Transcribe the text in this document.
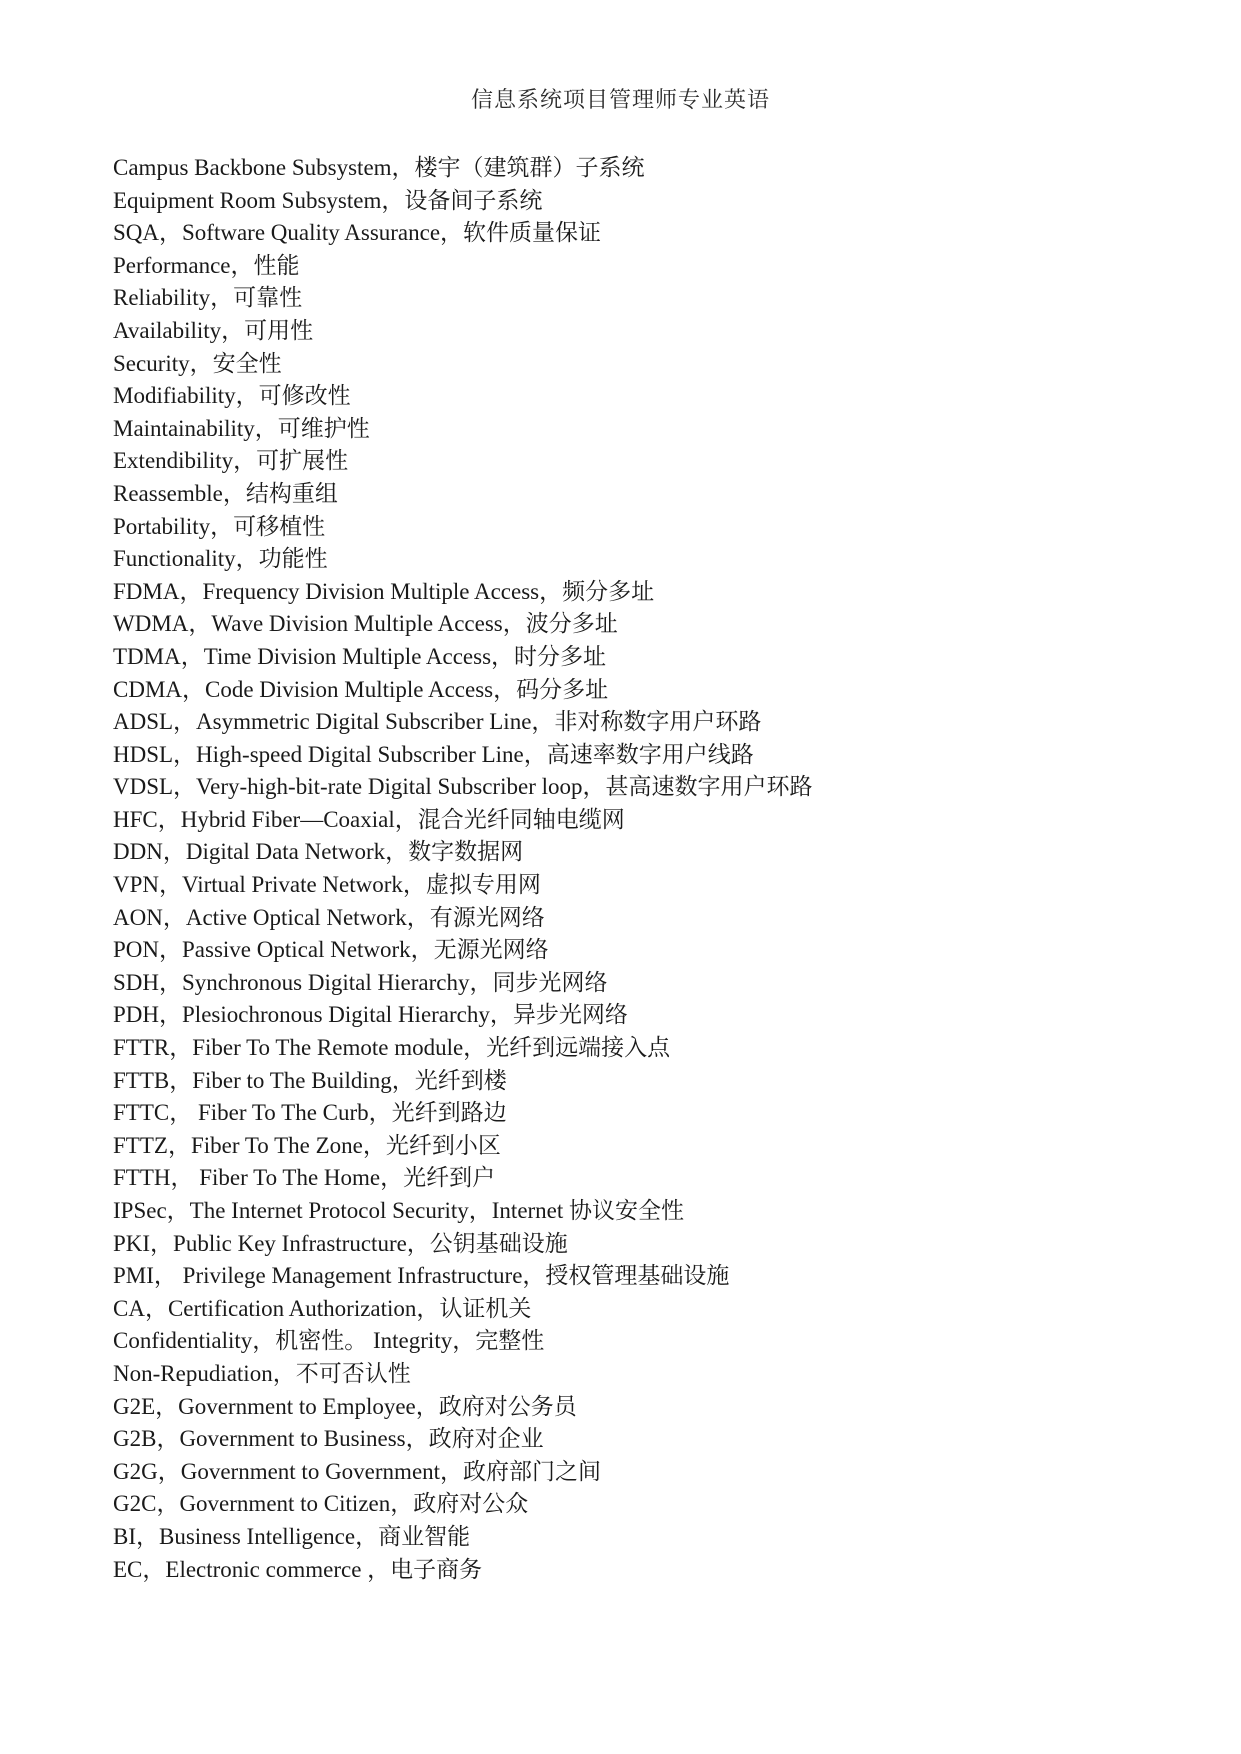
信息系统项目管理师专业英语
Campus Backbone Subsystem，楼宇（建筑群）子系统
Equipment Room Subsystem，设备间子系统
SQA，Software Quality Assurance，软件质量保证
Performance，性能
Reliability，可靠性
Availability，可用性
Security，安全性
Modifiability，可修改性
Maintainability，可维护性
Extendibility，可扩展性
Reassemble，结构重组
Portability，可移植性
Functionality，功能性
FDMA，Frequency Division Multiple Access，频分多址
WDMA，Wave Division Multiple Access，波分多址
TDMA，Time Division Multiple Access，时分多址
CDMA，Code Division Multiple Access，码分多址
ADSL，Asymmetric Digital Subscriber Line，非对称数字用户环路
HDSL，High-speed Digital Subscriber Line，高速率数字用户线路
VDSL，Very-high-bit-rate Digital Subscriber loop，甚高速数字用户环路
HFC，Hybrid Fiber—Coaxial，混合光纤同轴电缆网
DDN，Digital Data Network，数字数据网
VPN，Virtual Private Network，虚拟专用网
AON，Active Optical Network，有源光网络
PON，Passive Optical Network，无源光网络
SDH，Synchronous Digital Hierarchy，同步光网络
PDH，Plesiochronous Digital Hierarchy，异步光网络
FTTR，Fiber To The Remote module，光纤到远端接入点
FTTB，Fiber to The Building，光纤到楼
FTTC， Fiber To The Curb，光纤到路边
FTTZ，Fiber To The Zone，光纤到小区
FTTH， Fiber To The Home，光纤到户
IPSec，The Internet Protocol Security，Internet 协议安全性
PKI，Public Key Infrastructure，公钥基础设施
PMI， Privilege Management Infrastructure，授权管理基础设施
CA，Certification Authorization，认证机关
Confidentiality，机密性。 Integrity，完整性
Non-Repudiation，不可否认性
G2E，Government to Employee，政府对公务员
G2B，Government to Business，政府对企业
G2G，Government to Government，政府部门之间
G2C，Government to Citizen，政府对公众
BI，Business Intelligence，商业智能
EC，Electronic commerce ，电子商务
